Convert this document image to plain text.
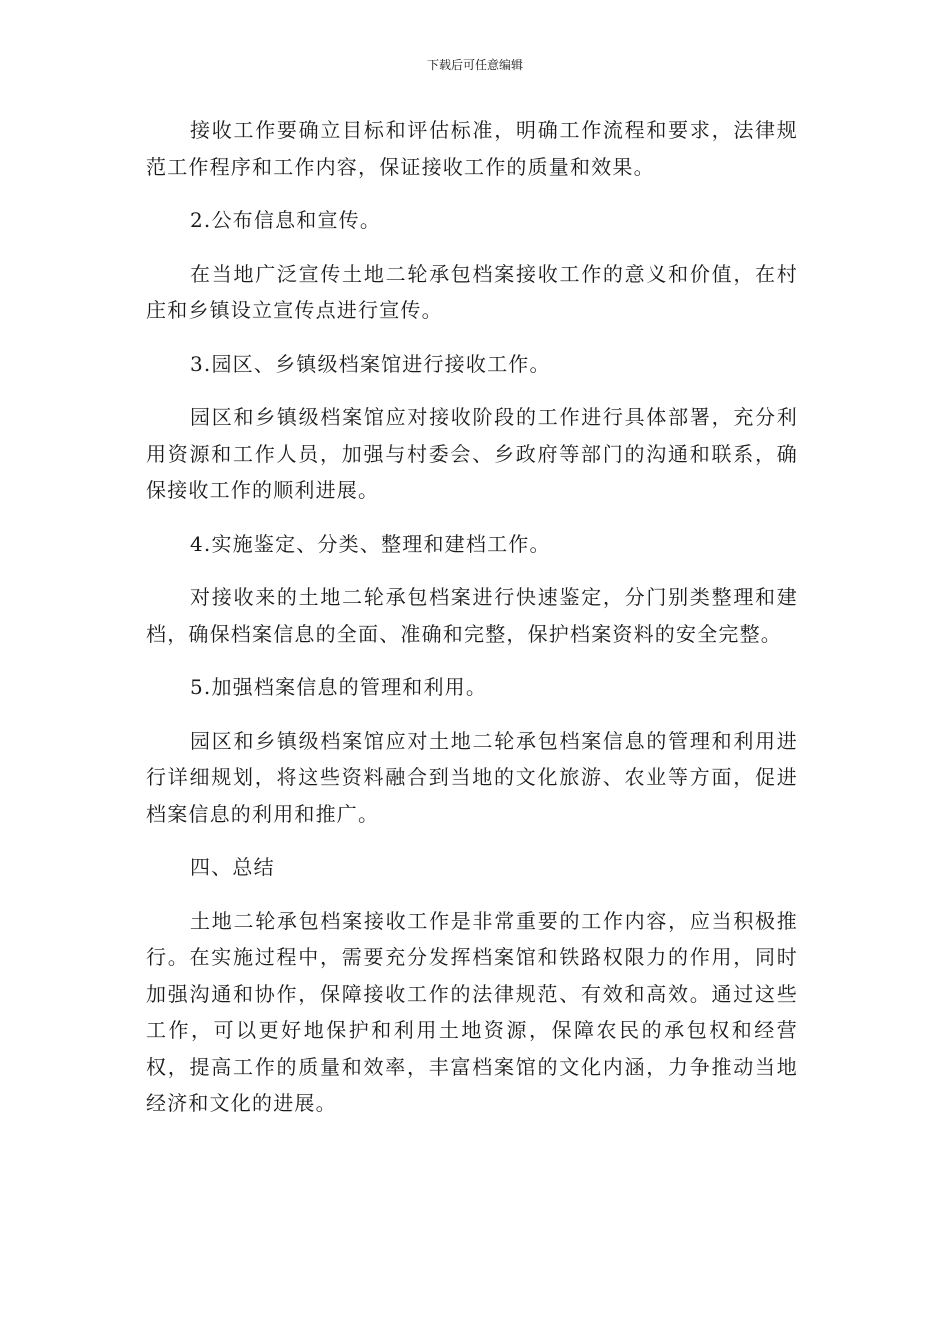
下载后可任意编辑

接收工作要确立目标和评估标准，明确工作流程和要求，法律规范工作程序和工作内容，保证接收工作的质量和效果。

2.公布信息和宣传。

在当地广泛宣传土地二轮承包档案接收工作的意义和价值，在村庄和乡镇设立宣传点进行宣传。

3.园区、乡镇级档案馆进行接收工作。

园区和乡镇级档案馆应对接收阶段的工作进行具体部署，充分利用资源和工作人员，加强与村委会、乡政府等部门的沟通和联系，确保接收工作的顺利进展。

4.实施鉴定、分类、整理和建档工作。

对接收来的土地二轮承包档案进行快速鉴定，分门别类整理和建档，确保档案信息的全面、准确和完整，保护档案资料的安全完整。

5.加强档案信息的管理和利用。

园区和乡镇级档案馆应对土地二轮承包档案信息的管理和利用进行详细规划，将这些资料融合到当地的文化旅游、农业等方面，促进档案信息的利用和推广。

四、总结

土地二轮承包档案接收工作是非常重要的工作内容，应当积极推行。在实施过程中，需要充分发挥档案馆和铁路权限力的作用，同时加强沟通和协作，保障接收工作的法律规范、有效和高效。通过这些工作，可以更好地保护和利用土地资源，保障农民的承包权和经营权，提高工作的质量和效率，丰富档案馆的文化内涵，力争推动当地经济和文化的进展。
